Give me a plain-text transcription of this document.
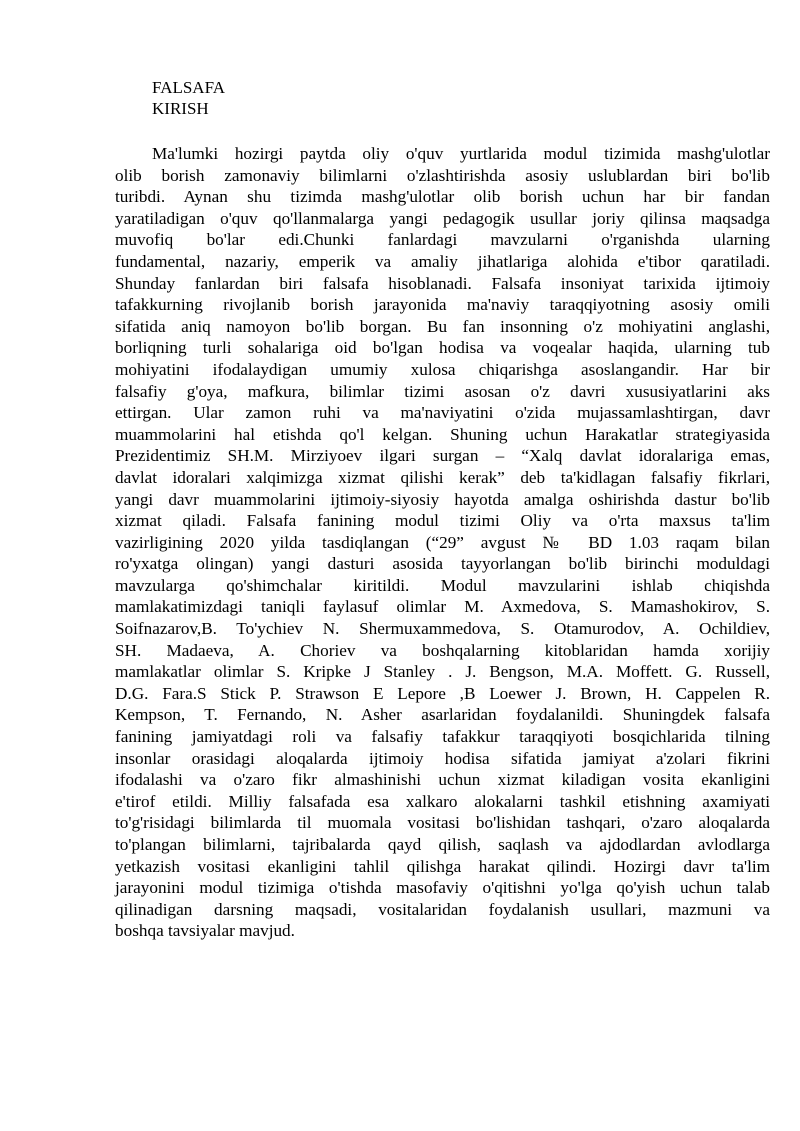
FALSAFA
KIRISH
Ma'lumki hozirgi paytda oliy o'quv yurtlarida modul tizimida mashg'ulotlar
olib borish zamonaviy bilimlarni o'zlashtirishda asosiy uslublardan biri bo'lib
turibdi. Aynan shu tizimda mashg'ulotlar olib borish uchun har bir fandan
yaratiladigan o'quv qo'llanmalarga yangi pedagogik usullar joriy qilinsa maqsadga
muvofiq bo'lar edi.Chunki fanlardagi mavzularni o'rganishda ularning
fundamental, nazariy, emperik va amaliy jihatlariga alohida e'tibor qaratiladi.
Shunday fanlardan biri falsafa hisoblanadi. Falsafa insoniyat tarixida ijtimoiy
tafakkurning rivojlanib borish jarayonida ma'naviy taraqqiyotning asosiy omili
sifatida aniq namoyon bo'lib borgan. Bu fan insonning o'z mohiyatini anglashi,
borliqning turli sohalariga oid bo'lgan hodisa va voqealar haqida, ularning tub
mohiyatini ifodalaydigan umumiy xulosa chiqarishga asoslangandir. Har bir
falsafiy g'oya, mafkura, bilimlar tizimi asosan o'z davri xususiyatlarini aks
ettirgan. Ular zamon ruhi va ma'naviyatini o'zida mujassamlashtirgan, davr
muammolarini hal etishda qo'l kelgan. Shuning uchun Harakatlar strategiyasida
Prezidentimiz SH.M. Mirziyoev ilgari surgan – “Xalq davlat idoralariga emas,
davlat idoralari xalqimizga xizmat qilishi kerak” deb ta'kidlagan falsafiy fikrlari,
yangi davr muammolarini ijtimoiy-siyosiy hayotda amalga oshirishda dastur bo'lib
xizmat qiladi. Falsafa fanining modul tizimi Oliy va o'rta maxsus ta'lim
vazirligining 2020 yilda tasdiqlangan (“29” avgust № BD 1.03 raqam bilan
ro'yxatga olingan) yangi dasturi asosida tayyorlangan bo'lib birinchi moduldagi
mavzularga qo'shimchalar kiritildi. Modul mavzularini ishlab chiqishda
mamlakatimizdagi taniqli faylasuf olimlar M. Axmedova, S. Mamashokirov, S.
Soifnazarov,B. To'ychiev N. Shermuxammedova, S. Otamurodov, A. Ochildiev,
SH. Madaeva, A. Choriev va boshqalarning kitoblaridan hamda xorijiy
mamlakatlar olimlar S. Kripke J Stanley . J. Bengson, M.A. Moffett. G. Russell,
D.G. Fara.S Stick P. Strawson E Lepore ,B Loewer J. Brown, H. Cappelen R.
Kempson, T. Fernando, N. Asher asarlaridan foydalanildi. Shuningdek falsafa
fanining jamiyatdagi roli va falsafiy tafakkur taraqqiyoti bosqichlarida tilning
insonlar orasidagi aloqalarda ijtimoiy hodisa sifatida jamiyat a'zolari fikrini
ifodalashi va o'zaro fikr almashinishi uchun xizmat kiladigan vosita ekanligini
e'tirof etildi. Milliy falsafada esa xalkaro alokalarni tashkil etishning axamiyati
to'g'risidagi bilimlarda til muomala vositasi bo'lishidan tashqari, o'zaro aloqalarda
to'plangan bilimlarni, tajribalarda qayd qilish, saqlash va ajdodlardan avlodlarga
yetkazish vositasi ekanligini tahlil qilishga harakat qilindi. Hozirgi davr ta'lim
jarayonini modul tizimiga o'tishda masofaviy o'qitishni yo'lga qo'yish uchun talab
qilinadigan darsning maqsadi, vositalaridan foydalanish usullari, mazmuni va
boshqa tavsiyalar mavjud.
